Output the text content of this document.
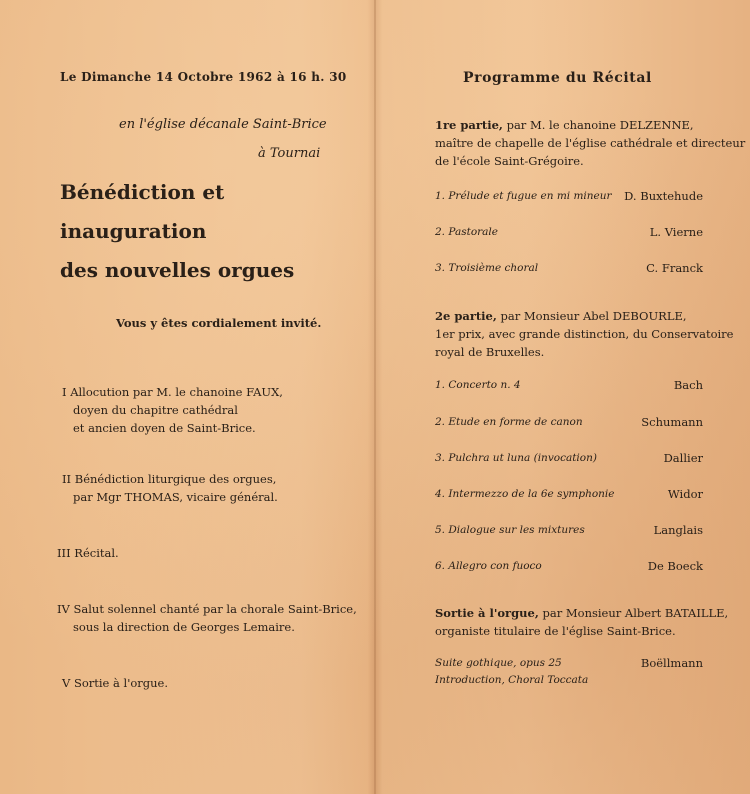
Le Dimanche 14 Octobre 1962 à 16 h. 30
en l'église décanale Saint-Brice
à Tournai
Bénédiction et
inauguration
des nouvelles orgues
Vous y êtes cordialement invité.
I Allocution par M. le chanoine FAUX,
doyen du chapitre cathédral
et ancien doyen de Saint-Brice.
II Bénédiction liturgique des orgues,
par Mgr THOMAS, vicaire général.
III Récital.
IV Salut solennel chanté par la chorale Saint-Brice,
sous la direction de Georges Lemaire.
V Sortie à l'orgue.
Programme du Récital
1re partie, par M. le chanoine DELZENNE,
maître de chapelle de l'église cathédrale et directeur
de l'école Saint-Grégoire.
1. Prélude et fugue en mi mineur D. Buxtehude
2. Pastorale	L. Vierne
3. Troisième choral	C. Franck
2e partie, par Monsieur Abel DEBOURLE,
1er prix, avec grande distinction, du Conservatoire
royal de Bruxelles.
1. Concerto n. 4	Bach
2. Etude en forme de canon	Schumann
3. Pulchra ut luna (invocation)	Dallier
4. Intermezzo de la 6e symphonie	Widor
5. Dialogue sur les mixtures	Langlais
6. Allegro con fuoco	De Boeck
Sortie à l'orgue, par Monsieur Albert BATAILLE,
organiste titulaire de l'église Saint-Brice.
Suite gothique, opus 25	Boëllmann
Introduction, Choral Toccata
